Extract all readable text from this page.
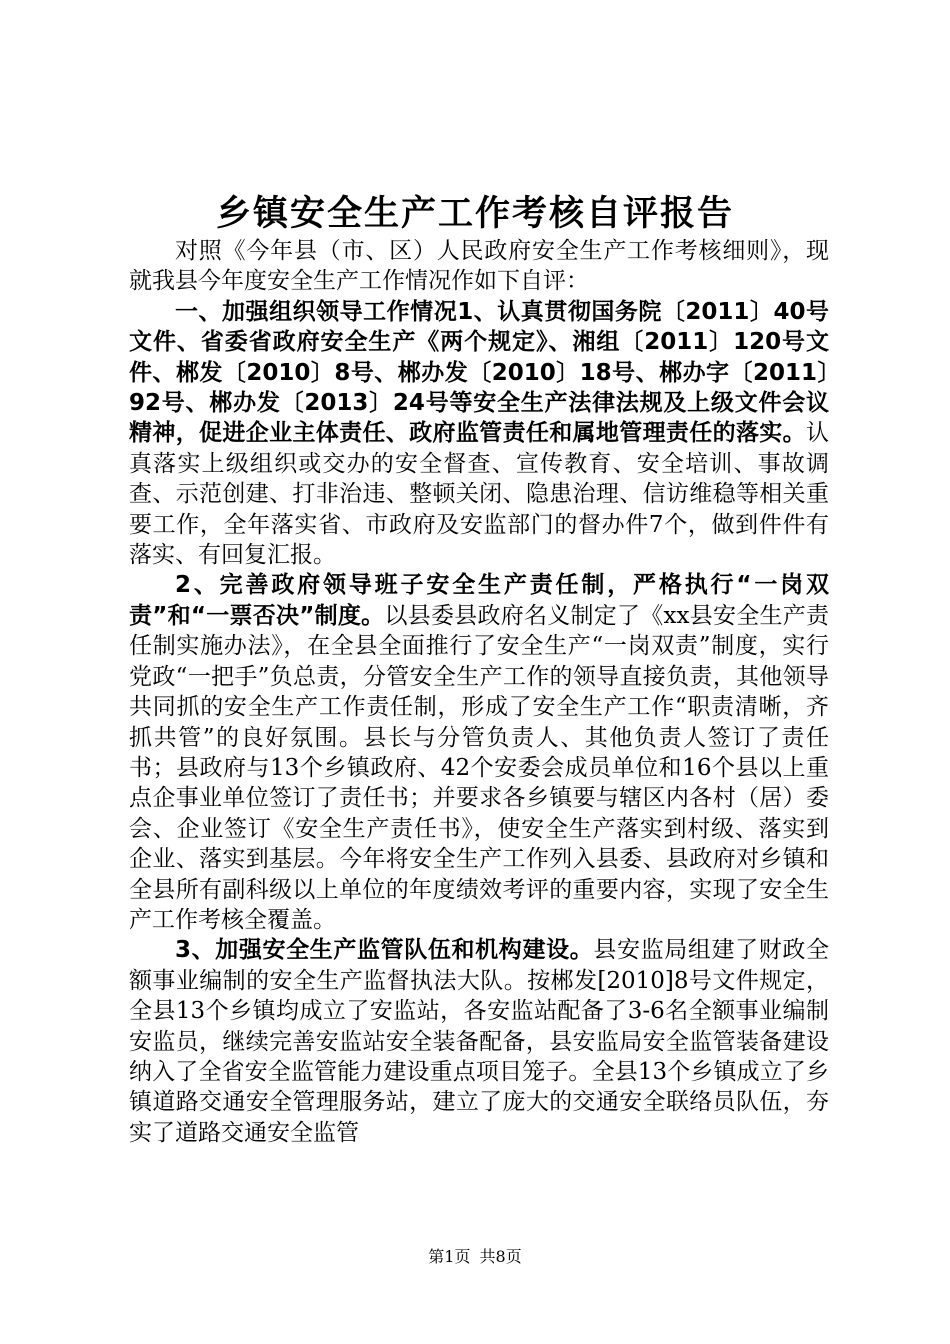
乡镇安全生产工作考核自评报告

对照《今年县（市、区）人民政府安全生产工作考核细则》，现就我县今年度安全生产工作情况作如下自评：

一、加强组织领导工作情况1、认真贯彻国务院〔2011〕40号文件、省委省政府安全生产《两个规定》、湘组〔2011〕120号文件、郴发〔2010〕8号、郴办发〔2010〕18号、郴办字〔2011〕92号、郴办发〔2013〕24号等安全生产法律法规及上级文件会议精神，促进企业主体责任、政府监管责任和属地管理责任的落实。认真落实上级组织或交办的安全督查、宣传教育、安全培训、事故调查、示范创建、打非治违、整顿关闭、隐患治理、信访维稳等相关重要工作，全年落实省、市政府及安监部门的督办件7个，做到件件有落实、有回复汇报。

2、完善政府领导班子安全生产责任制，严格执行“一岗双责”和“一票否决”制度。以县委县政府名义制定了《xx县安全生产责任制实施办法》，在全县全面推行了安全生产“一岗双责”制度，实行党政“一把手”负总责，分管安全生产工作的领导直接负责，其他领导共同抓的安全生产工作责任制，形成了安全生产工作“职责清晰，齐抓共管”的良好氛围。县长与分管负责人、其他负责人签订了责任书；县政府与13个乡镇政府、42个安委会成员单位和16个县以上重点企事业单位签订了责任书；并要求各乡镇要与辖区内各村（居）委会、企业签订《安全生产责任书》，使安全生产落实到村级、落实到企业、落实到基层。今年将安全生产工作列入县委、县政府对乡镇和全县所有副科级以上单位的年度绩效考评的重要内容，实现了安全生产工作考核全覆盖。

3、加强安全生产监管队伍和机构建设。县安监局组建了财政全额事业编制的安全生产监督执法大队。按郴发[2010]8号文件规定，全县13个乡镇均成立了安监站，各安监站配备了3-6名全额事业编制安监员，继续完善安监站安全装备配备，县安监局安全监管装备建设纳入了全省安全监管能力建设重点项目笼子。全县13个乡镇成立了乡镇道路交通安全管理服务站，建立了庞大的交通安全联络员队伍，夯实了道路交通安全监管

第1页 共8页
